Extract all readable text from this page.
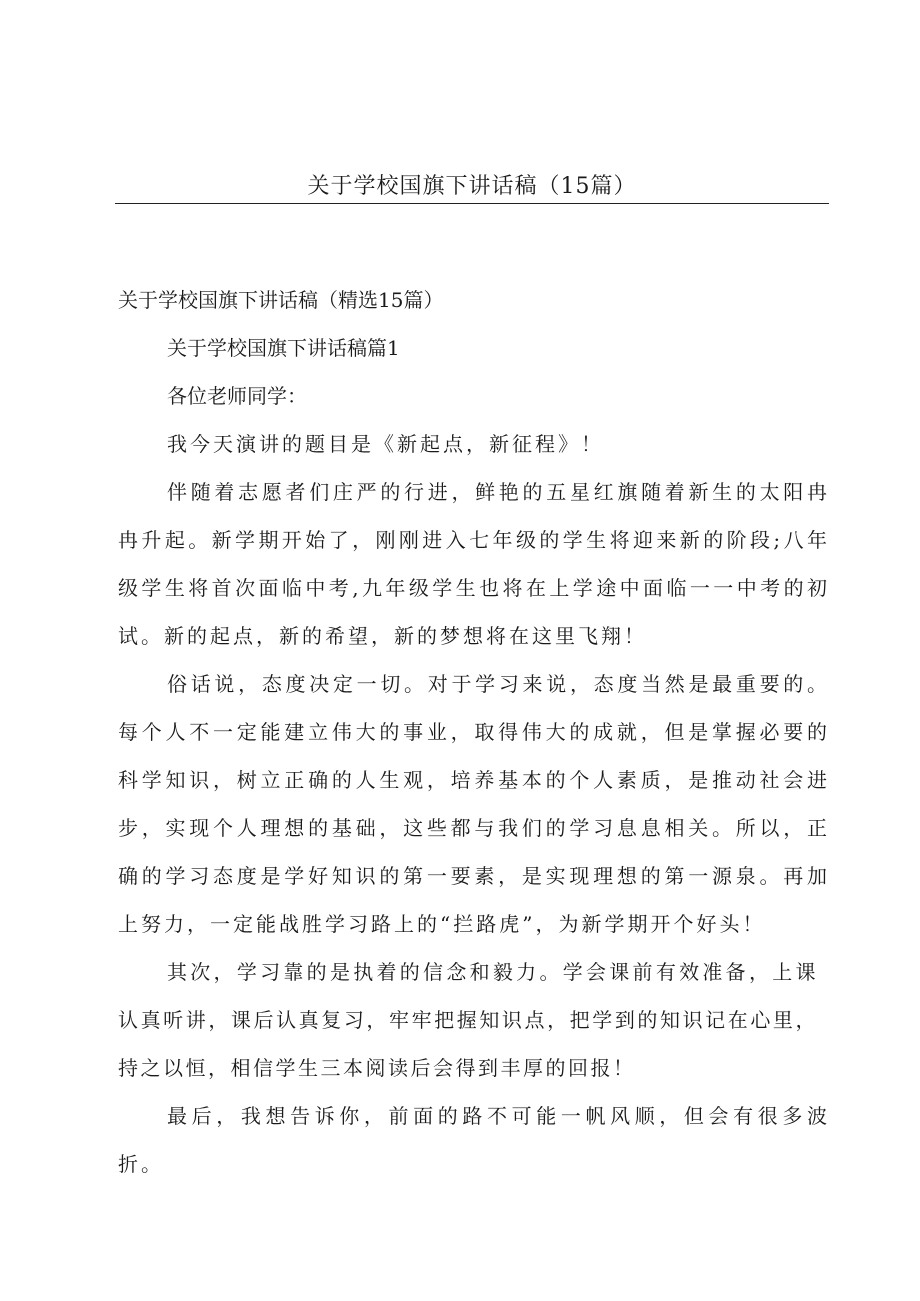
关于学校国旗下讲话稿（15篇）

关于学校国旗下讲话稿（精选15篇）

关于学校国旗下讲话稿篇1

各位老师同学：

我今天演讲的题目是《新起点，新征程》！

伴随着志愿者们庄严的行进，鲜艳的五星红旗随着新生的太阳冉冉升起。新学期开始了，刚刚进入七年级的学生将迎来新的阶段;八年级学生将首次面临中考,九年级学生也将在上学途中面临一一中考的初试。新的起点，新的希望，新的梦想将在这里飞翔！

俗话说，态度决定一切。对于学习来说，态度当然是最重要的。每个人不一定能建立伟大的事业，取得伟大的成就，但是掌握必要的科学知识，树立正确的人生观，培养基本的个人素质，是推动社会进步，实现个人理想的基础，这些都与我们的学习息息相关。所以，正确的学习态度是学好知识的第一要素，是实现理想的第一源泉。再加上努力，一定能战胜学习路上的“拦路虎”，为新学期开个好头！

其次，学习靠的是执着的信念和毅力。学会课前有效准备，上课认真听讲，课后认真复习，牢牢把握知识点，把学到的知识记在心里，持之以恒，相信学生三本阅读后会得到丰厚的回报！

最后，我想告诉你，前面的路不可能一帆风顺，但会有很多波折。
